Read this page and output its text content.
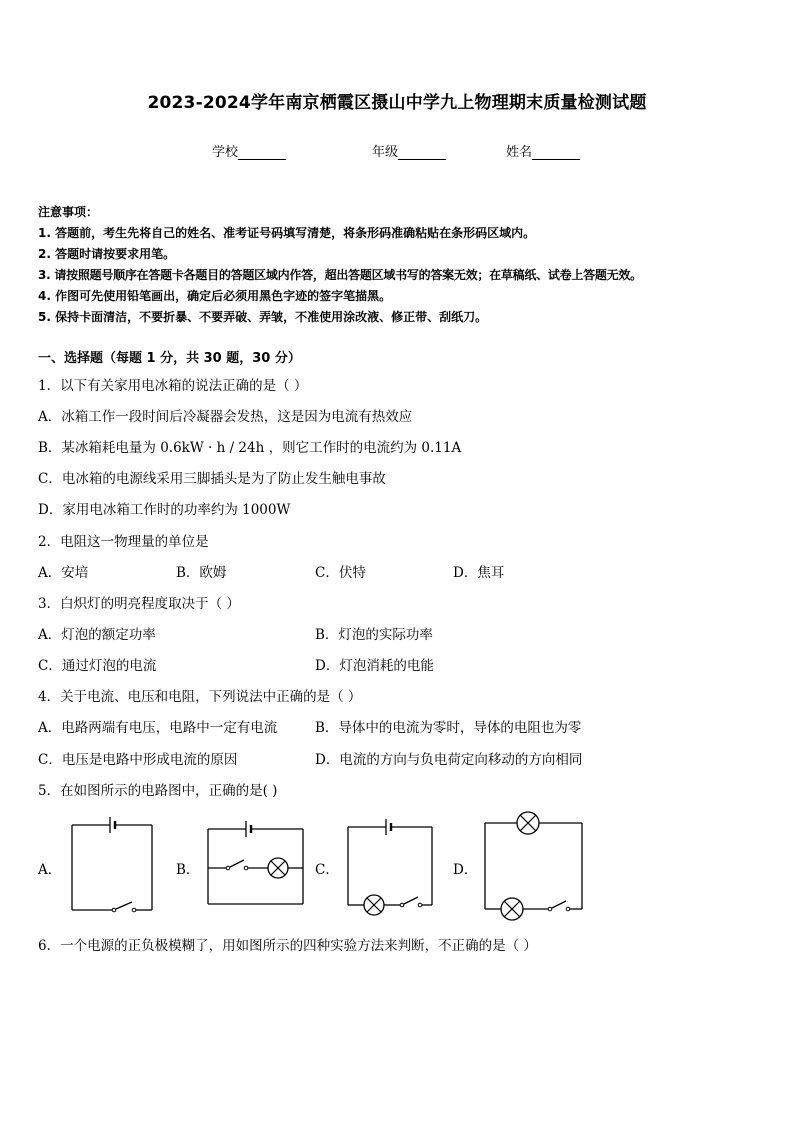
2023-2024学年南京栖霞区摄山中学九上物理期末质量检测试题
学校	年级	姓名
注意事项：
1. 答题前，考生先将自己的姓名、准考证号码填写清楚，将条形码准确粘贴在条形码区域内。
2. 答题时请按要求用笔。
3. 请按照题号顺序在答题卡各题目的答题区域内作答，超出答题区域书写的答案无效；在草稿纸、试卷上答题无效。
4. 作图可先使用铅笔画出，确定后必须用黑色字迹的签字笔描黑。
5. 保持卡面清洁，不要折暴、不要弄破、弄皱，不准使用涂改液、修正带、刮纸刀。
一、选择题（每题 1 分，共 30 题，30 分）
1．以下有关家用电冰箱的说法正确的是（ ）
A．冰箱工作一段时间后冷凝器会发热，这是因为电流有热效应
B．某冰箱耗电量为 0.6kW · h / 24h ，则它工作时的电流约为 0.11A
C．电冰箱的电源线采用三脚插头是为了防止发生触电事故
D．家用电冰箱工作时的功率约为 1000W
2．电阻这一物理量的单位是
A．安培	B．欧姆	C．伏特	D．焦耳
3．白炽灯的明亮程度取决于（ ）
A．灯泡的额定功率	B．灯泡的实际功率
C．通过灯泡的电流	D．灯泡消耗的电能
4．关于电流、电压和电阻，下列说法中正确的是（ ）
A．电路两端有电压，电路中一定有电流	B．导体中的电流为零时，导体的电阻也为零
C．电压是电路中形成电流的原因	D．电流的方向与负电荷定向移动的方向相同
5．在如图所示的电路图中，正确的是( )
A．	B．	C．	D．
6．一个电源的正负极模糊了，用如图所示的四种实验方法来判断，不正确的是（ ）
